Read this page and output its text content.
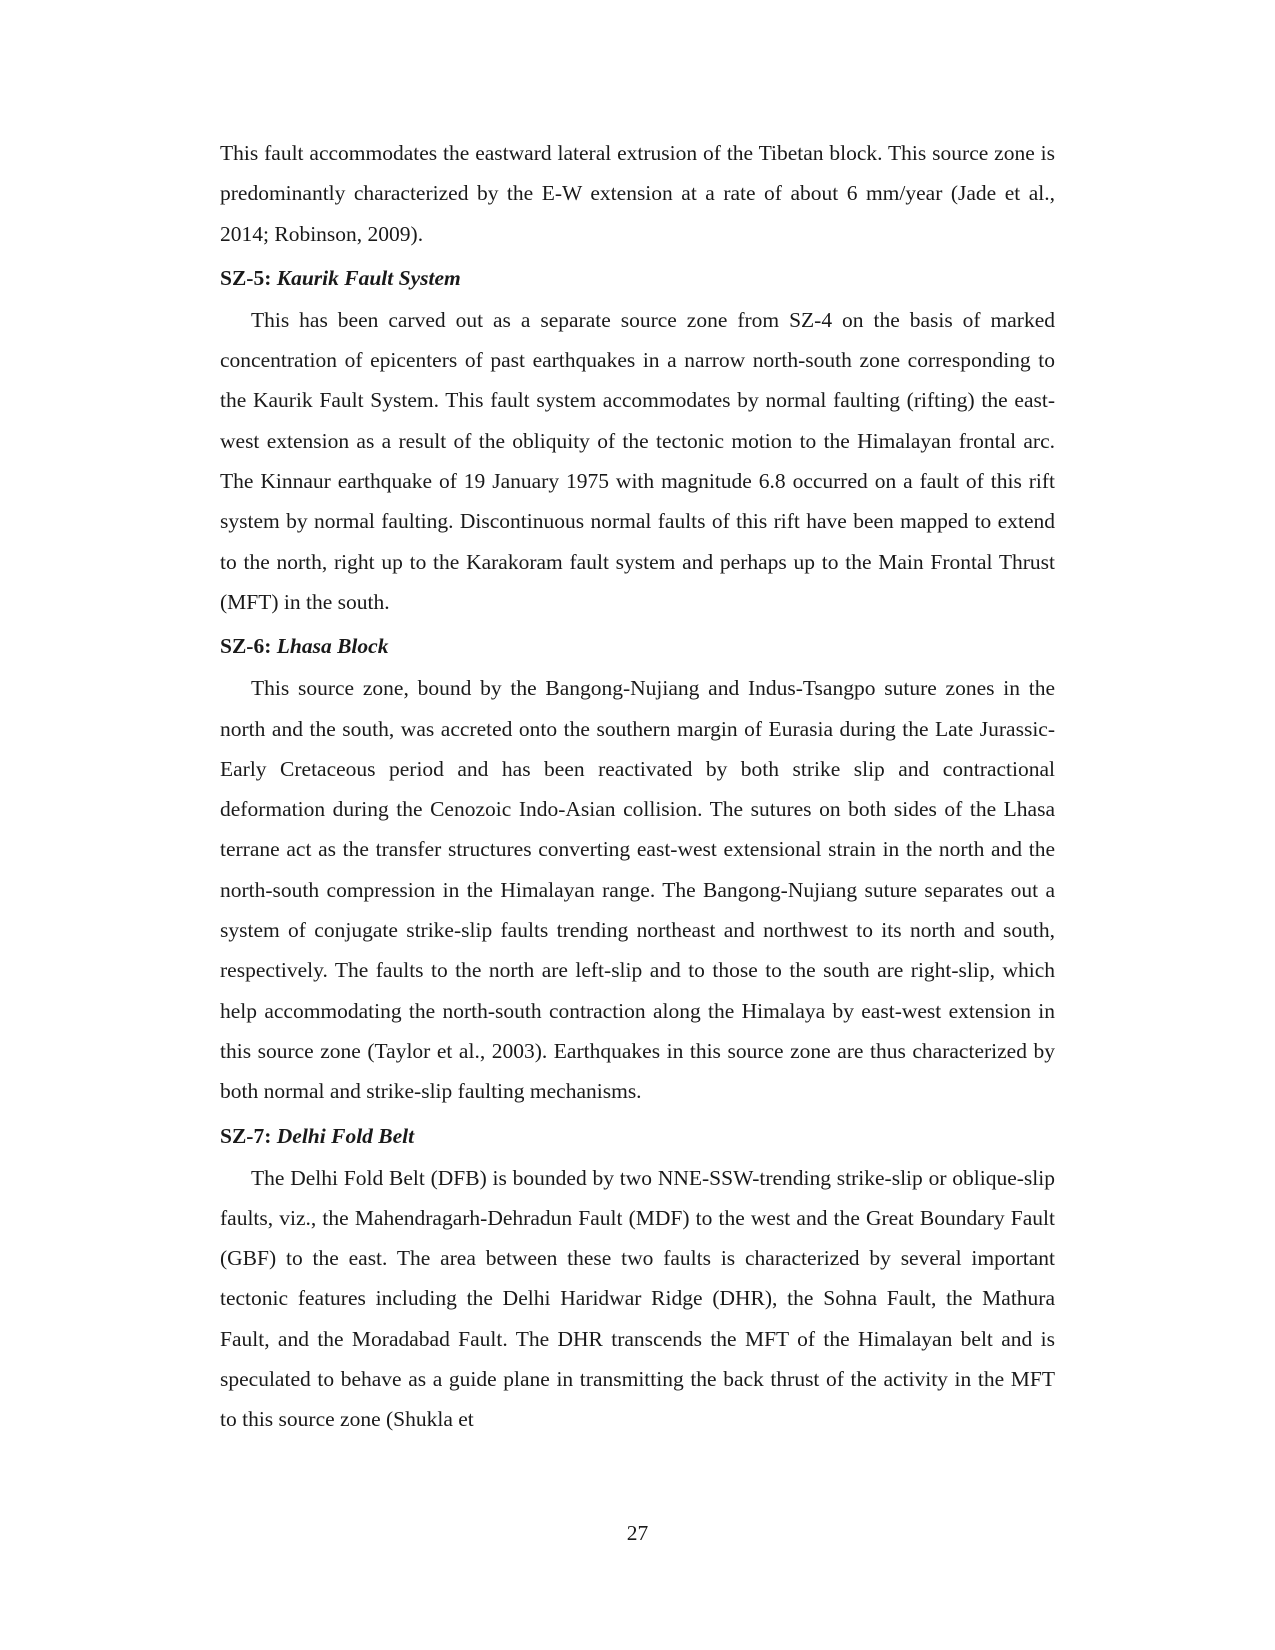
This fault accommodates the eastward lateral extrusion of the Tibetan block. This source zone is predominantly characterized by the E-W extension at a rate of about 6 mm/year (Jade et al., 2014; Robinson, 2009).

SZ-5: Kaurik Fault System

This has been carved out as a separate source zone from SZ-4 on the basis of marked concentration of epicenters of past earthquakes in a narrow north-south zone corresponding to the Kaurik Fault System. This fault system accommodates by normal faulting (rifting) the east-west extension as a result of the obliquity of the tectonic motion to the Himalayan frontal arc. The Kinnaur earthquake of 19 January 1975 with magnitude 6.8 occurred on a fault of this rift system by normal faulting. Discontinuous normal faults of this rift have been mapped to extend to the north, right up to the Karakoram fault system and perhaps up to the Main Frontal Thrust (MFT) in the south.

SZ-6: Lhasa Block

This source zone, bound by the Bangong-Nujiang and Indus-Tsangpo suture zones in the north and the south, was accreted onto the southern margin of Eurasia during the Late Jurassic-Early Cretaceous period and has been reactivated by both strike slip and contractional deformation during the Cenozoic Indo-Asian collision. The sutures on both sides of the Lhasa terrane act as the transfer structures converting east-west extensional strain in the north and the north-south compression in the Himalayan range. The Bangong-Nujiang suture separates out a system of conjugate strike-slip faults trending northeast and northwest to its north and south, respectively. The faults to the north are left-slip and to those to the south are right-slip, which help accommodating the north-south contraction along the Himalaya by east-west extension in this source zone (Taylor et al., 2003). Earthquakes in this source zone are thus characterized by both normal and strike-slip faulting mechanisms.

SZ-7: Delhi Fold Belt

The Delhi Fold Belt (DFB) is bounded by two NNE-SSW-trending strike-slip or oblique-slip faults, viz., the Mahendragarh-Dehradun Fault (MDF) to the west and the Great Boundary Fault (GBF) to the east. The area between these two faults is characterized by several important tectonic features including the Delhi Haridwar Ridge (DHR), the Sohna Fault, the Mathura Fault, and the Moradabad Fault. The DHR transcends the MFT of the Himalayan belt and is speculated to behave as a guide plane in transmitting the back thrust of the activity in the MFT to this source zone (Shukla et

27
